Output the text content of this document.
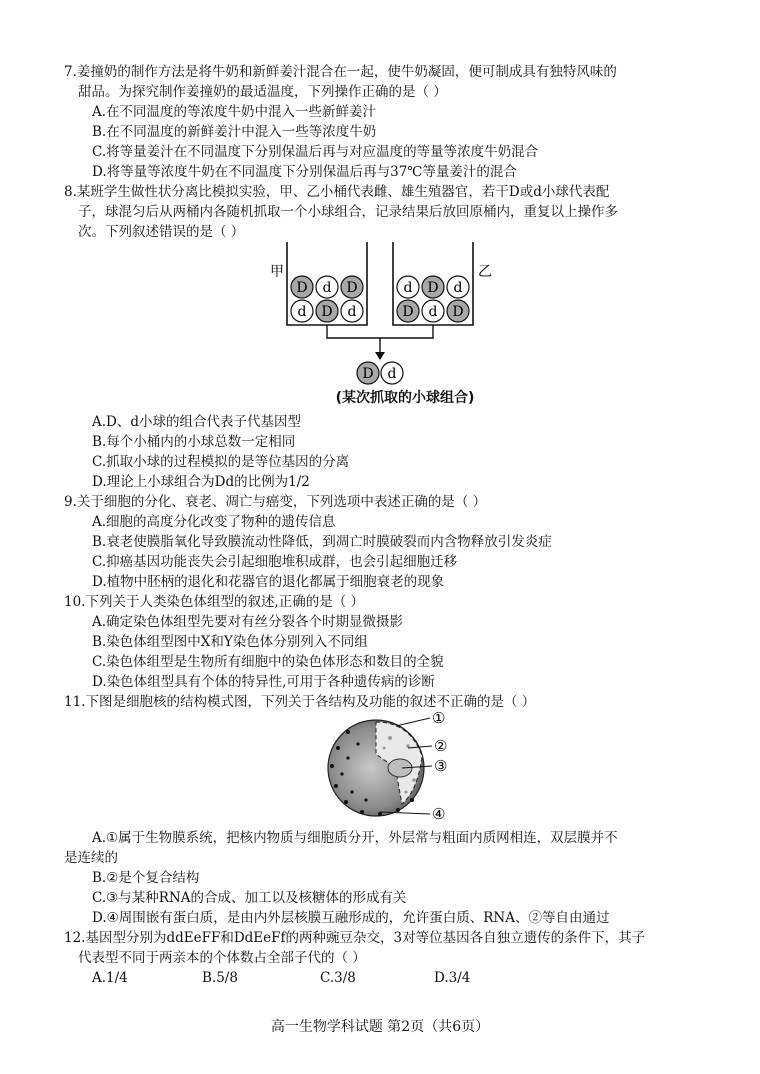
7.姜撞奶的制作方法是将牛奶和新鲜姜汁混合在一起，使牛奶凝固，便可制成具有独特风味的
甜品。为探究制作姜撞奶的最适温度，下列操作正确的是（ ）
A.在不同温度的等浓度牛奶中混入一些新鲜姜汁
B.在不同温度的新鲜姜汁中混入一些等浓度牛奶
C.将等量姜汁在不同温度下分别保温后再与对应温度的等量等浓度牛奶混合
D.将等量等浓度牛奶在不同温度下分别保温后再与37℃等量姜汁的混合
8.某班学生做性状分离比模拟实验，甲、乙小桶代表雌、雄生殖器官，若干D或d小球代表配
子，球混匀后从两桶内各随机抓取一个小球组合，记录结果后放回原桶内，重复以上操作多
次。下列叙述错误的是（ ）
甲	乙
D d D
d D d
d D d
D d D
D d
(某次抓取的小球组合)
A.D、d小球的组合代表子代基因型
B.每个小桶内的小球总数一定相同
C.抓取小球的过程模拟的是等位基因的分离
D.理论上小球组合为Dd的比例为1/2
9.关于细胞的分化、衰老、凋亡与癌变，下列选项中表述正确的是（ ）
A.细胞的高度分化改变了物种的遗传信息
B.衰老使膜脂氧化导致膜流动性降低，到凋亡时膜破裂而内含物释放引发炎症
C.抑癌基因功能丧失会引起细胞堆积成群，也会引起细胞迁移
D.植物中胚柄的退化和花器官的退化都属于细胞衰老的现象
10.下列关于人类染色体组型的叙述,正确的是（ ）
A.确定染色体组型先要对有丝分裂各个时期显微摄影
B.染色体组型图中X和Y染色体分别列入不同组
C.染色体组型是生物所有细胞中的染色体形态和数目的全貌
D.染色体组型具有个体的特异性,可用于各种遗传病的诊断
11.下图是细胞核的结构模式图，下列关于各结构及功能的叙述不正确的是（ ）
①
②
③
④
A.①属于生物膜系统，把核内物质与细胞质分开，外层常与粗面内质网相连，双层膜并不
是连续的
B.②是个复合结构
C.③与某种RNA的合成、加工以及核糖体的形成有关
D.④周围嵌有蛋白质，是由内外层核膜互融形成的，允许蛋白质、RNA、②等自由通过
12.基因型分别为ddEeFF和DdEeFf的两种豌豆杂交，3对等位基因各自独立遗传的条件下，其子
代表型不同于两亲本的个体数占全部子代的（ ）
A.1/4	B.5/8	C.3/8	D.3/4
高一生物学科试题 第2页（共6页）
